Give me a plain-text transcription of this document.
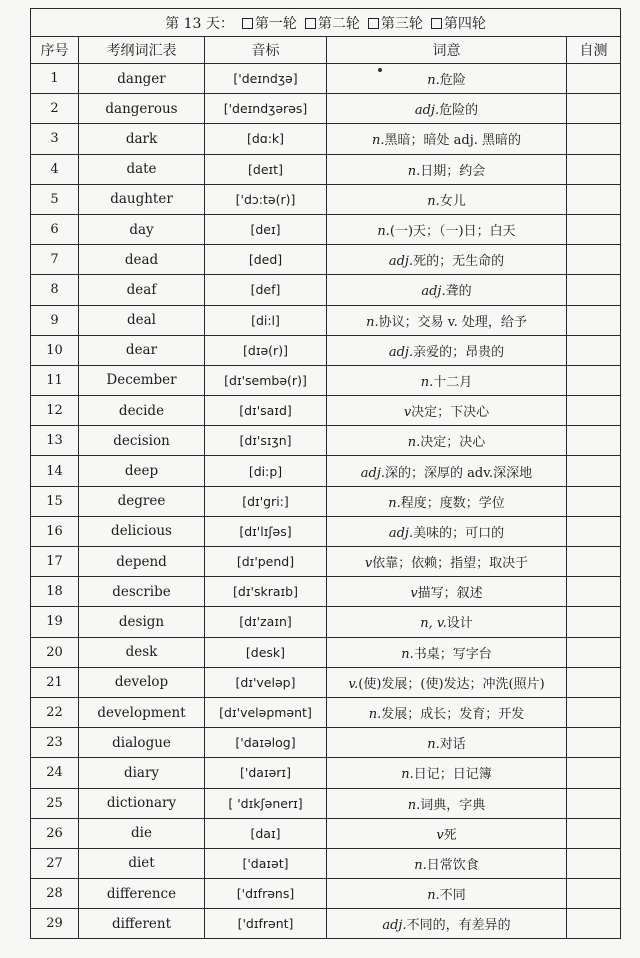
第 13 天： 第一轮 第二轮 第三轮 第四轮				
序号	考纲词汇表	音标	词意	自测
1	danger	['deɪndʒə]	n.危险	
2	dangerous	['deɪndʒərəs]	adj.危险的	
3	dark	[dɑ:k]	n.黑暗；暗处 adj. 黑暗的	
4	date	[deɪt]	n.日期；约会	
5	daughter	['dɔ:tə(r)]	n.女儿	
6	day	[deɪ]	n.(一)天；（一)日；白天	
7	dead	[ded]	adj.死的；无生命的	
8	deaf	[def]	adj.聋的	
9	deal	[di:l]	n.协议；交易 v. 处理，给予	
10	dear	[dɪə(r)]	adj.亲爱的；昂贵的	
11	December	[dɪ'sembə(r)]	n.十二月	
12	decide	[dɪ'saɪd]	v决定；下决心	
13	decision	[dɪ'sɪʒn]	n.决定；决心	
14	deep	[di:p]	adj.深的；深厚的 adv.深深地	
15	degree	[dɪ'gri:]	n.程度；度数；学位	
16	delicious	[dɪ'lɪʃəs]	adj.美味的；可口的	
17	depend	[dɪ'pend]	v依靠；依赖；指望；取决于	
18	describe	[dɪ'skraɪb]	v描写；叙述	
19	design	[dɪ'zaɪn]	n, v.设计	
20	desk	[desk]	n.书桌；写字台	
21	develop	[dɪ'veləp]	v.(使)发展；(使)发达；冲洗(照片)	
22	development	[dɪ'veləpmənt]	n.发展；成长；发育；开发	
23	dialogue	['daɪəlog]	n.对话	
24	diary	['daɪərɪ]	n.日记；日记簿	
25	dictionary	[ 'dɪkʃənerɪ]	n.词典，字典	
26	die	[daɪ]	v死	
27	diet	['daɪət]	n.日常饮食	
28	difference	['dɪfrəns]	n.不同	
29	different	['dɪfrənt]	adj.不同的，有差异的	
